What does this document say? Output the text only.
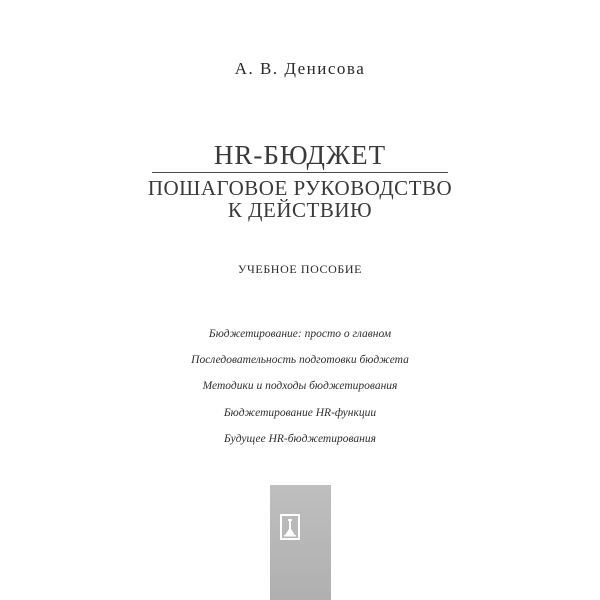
А. В. Денисова
HR-БЮДЖЕТ
ПОШАГОВОЕ РУКОВОДСТВО
К ДЕЙСТВИЮ
УЧЕБНОЕ ПОСОБИЕ
Бюджетирование: просто о главном
Последовательность подготовки бюджета
Методики и подходы бюджетирования
Бюджетирование HR-функции
Будущее HR-бюджетирования
